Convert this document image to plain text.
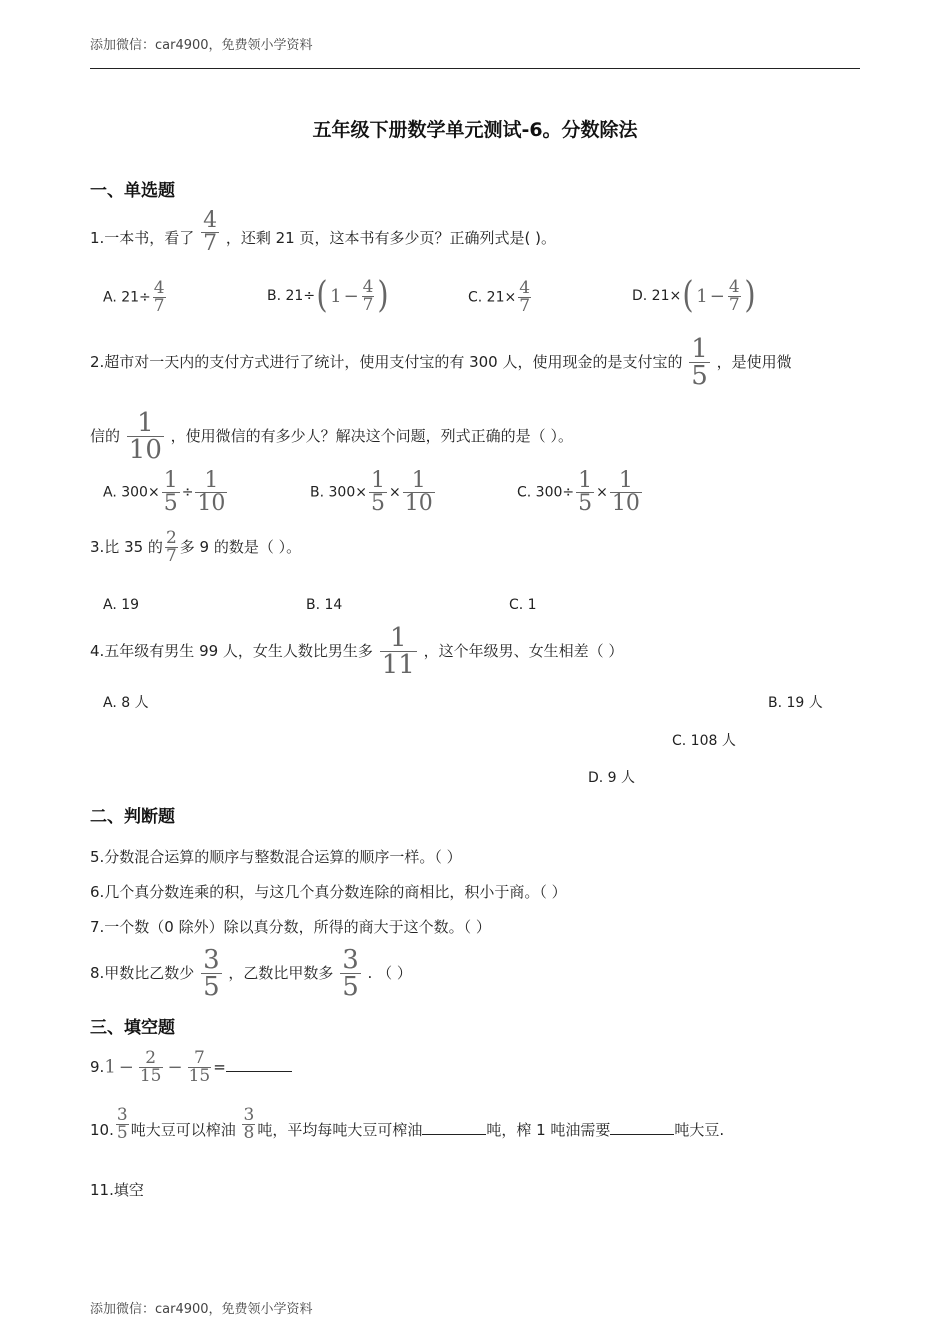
添加微信：car4900，免费领小学资料
五年级下册数学单元测试-6。分数除法
一、单选题
1.一本书，看了 $\frac{4}{7}$ ，还剩 21 页，这本书有多少页？正确列式是( )。
A. $21\div \frac{4}{7}$	B. 21÷ ( $1 - \frac{4}{7}$ )	C. $21\times \frac{4}{7}$	D. 21× ( $1 - \frac{4}{7}$ )
2.超市对一天内的支付方式进行了统计，使用支付宝的有 300 人，使用现金的是支付宝的 $\frac{1}{5}$ ，是使用微
信的 $\frac{1}{10}$ ，使用微信的有多少人？解决这个问题，列式正确的是（ ）。
A. $300\times \frac{1}{5} \div \frac{1}{10}$	B. $300\times \frac{1}{5} \times \frac{1}{10}$	C. $300\div \frac{1}{5} \times \frac{1}{10}$
3.比 35 的 $\frac{2}{7}$ 多 9 的数是（ ）。
A. 19	B. 14	C. 1
4.五年级有男生 99 人，女生人数比男生多 $\frac{1}{11}$ ，这个年级男、女生相差（ ）
A. 8 人	B. 19 人
C. 108 人
D. 9 人
二、判断题
5.分数混合运算的顺序与整数混合运算的顺序一样。（ ）
6.几个真分数连乘的积，与这几个真分数连除的商相比，积小于商。（ ）
7.一个数（0 除外）除以真分数，所得的商大于这个数。（ ）
8.甲数比乙数少 $\frac{3}{5}$ ，乙数比甲数多 $\frac{3}{5}$ . （ ）
三、填空题
$9.1 - \frac{2}{15} - \frac{7}{15}$ =
10. $\frac{3}{5}$ 吨大豆可以榨油 $\frac{3}{8}$ 吨，平均每吨大豆可榨油	吨，榨 1 吨油需要	吨大豆.
11.填空
添加微信：car4900，免费领小学资料
